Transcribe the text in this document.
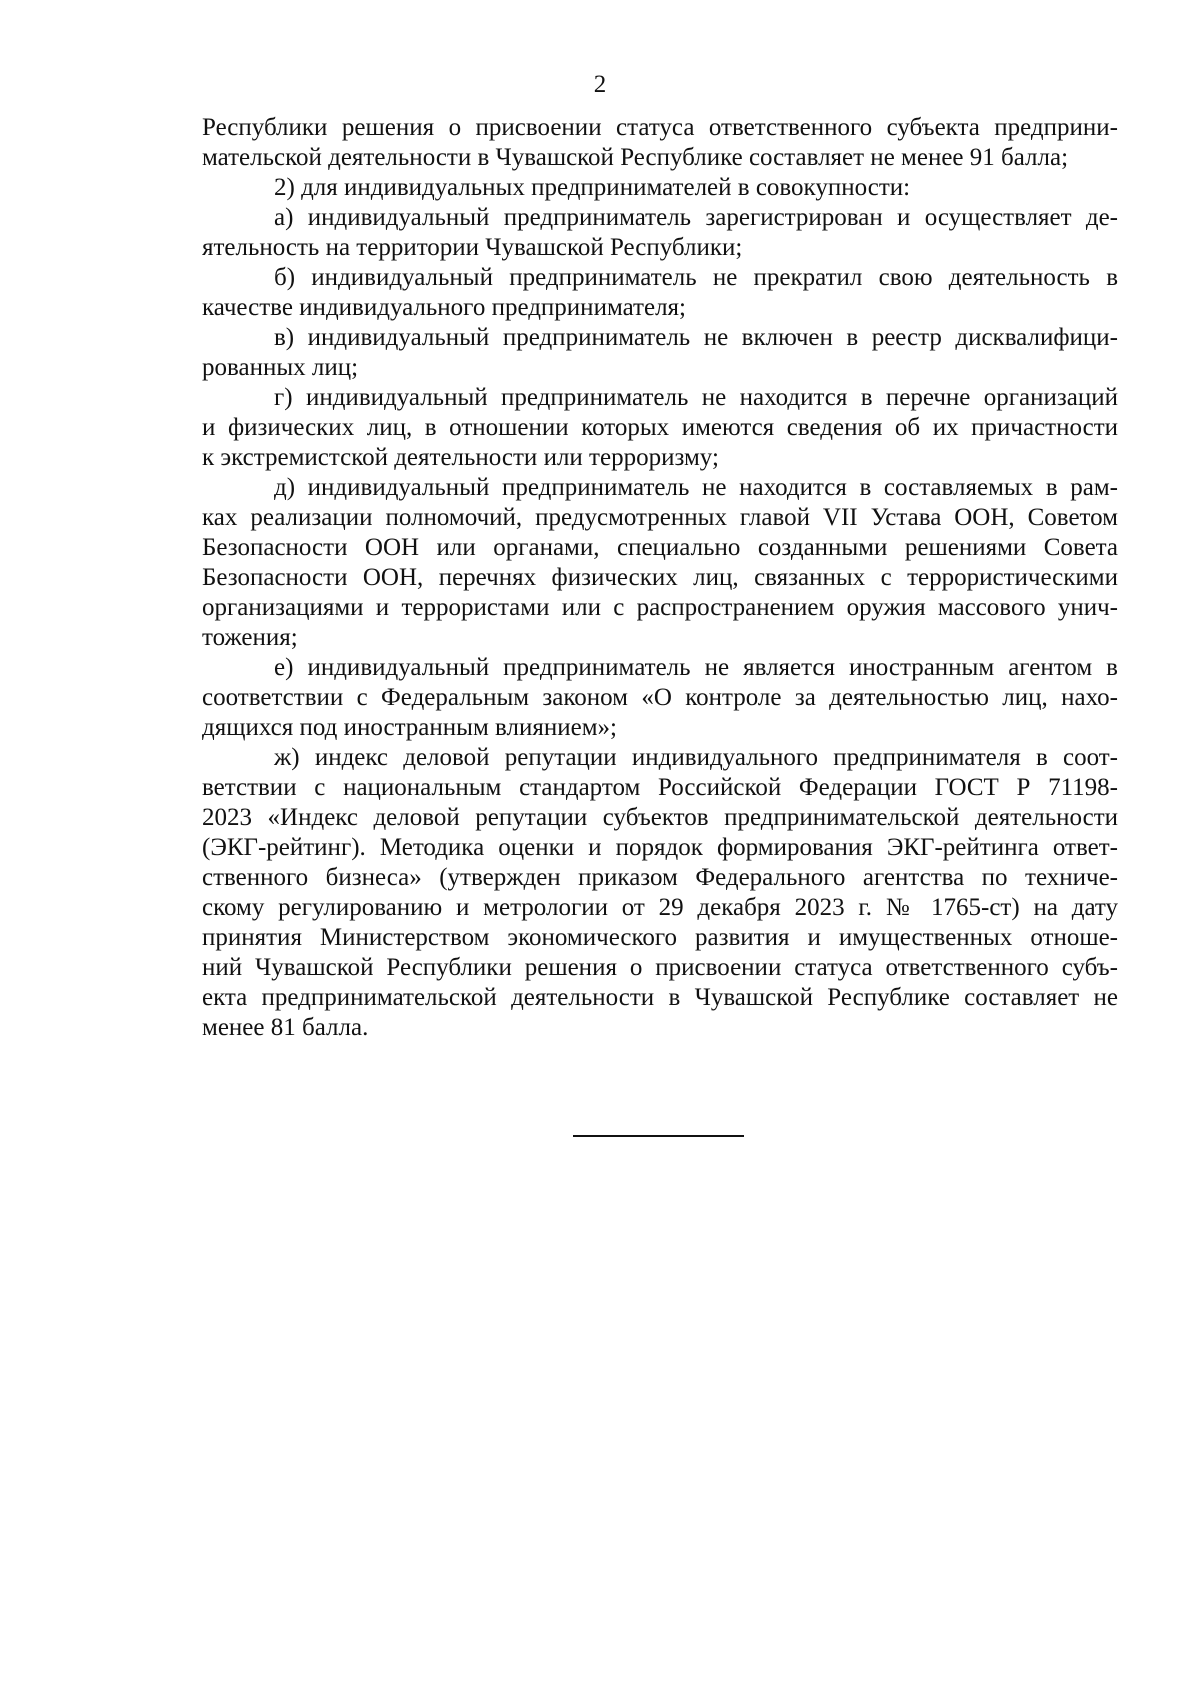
2
Республики решения о присвоении статуса ответственного субъекта предприни-
мательской деятельности в Чувашской Республике составляет не менее 91 балла;
2) для индивидуальных предпринимателей в совокупности:
а) индивидуальный предприниматель зарегистрирован и осуществляет де-
ятельность на территории Чувашской Республики;
б) индивидуальный предприниматель не прекратил свою деятельность в
качестве индивидуального предпринимателя;
в) индивидуальный предприниматель не включен в реестр дисквалифици-
рованных лиц;
г) индивидуальный предприниматель не находится в перечне организаций
и физических лиц, в отношении которых имеются сведения об их причастности
к экстремистской деятельности или терроризму;
д) индивидуальный предприниматель не находится в составляемых в рам-
ках реализации полномочий, предусмотренных главой VII Устава ООН, Советом
Безопасности ООН или органами, специально созданными решениями Совета
Безопасности ООН, перечнях физических лиц, связанных с террористическими
организациями и террористами или с распространением оружия массового унич-
тожения;
е) индивидуальный предприниматель не является иностранным агентом в
соответствии с Федеральным законом «О контроле за деятельностью лиц, нахо-
дящихся под иностранным влиянием»;
ж) индекс деловой репутации индивидуального предпринимателя в соот-
ветствии с национальным стандартом Российской Федерации ГОСТ Р 71198-
2023 «Индекс деловой репутации субъектов предпринимательской деятельности
(ЭКГ-рейтинг). Методика оценки и порядок формирования ЭКГ-рейтинга ответ-
ственного бизнеса» (утвержден приказом Федерального агентства по техниче-
скому регулированию и метрологии от 29 декабря 2023 г. № 1765-ст) на дату
принятия Министерством экономического развития и имущественных отноше-
ний Чувашской Республики решения о присвоении статуса ответственного субъ-
екта предпринимательской деятельности в Чувашской Республике составляет не
менее 81 балла.
